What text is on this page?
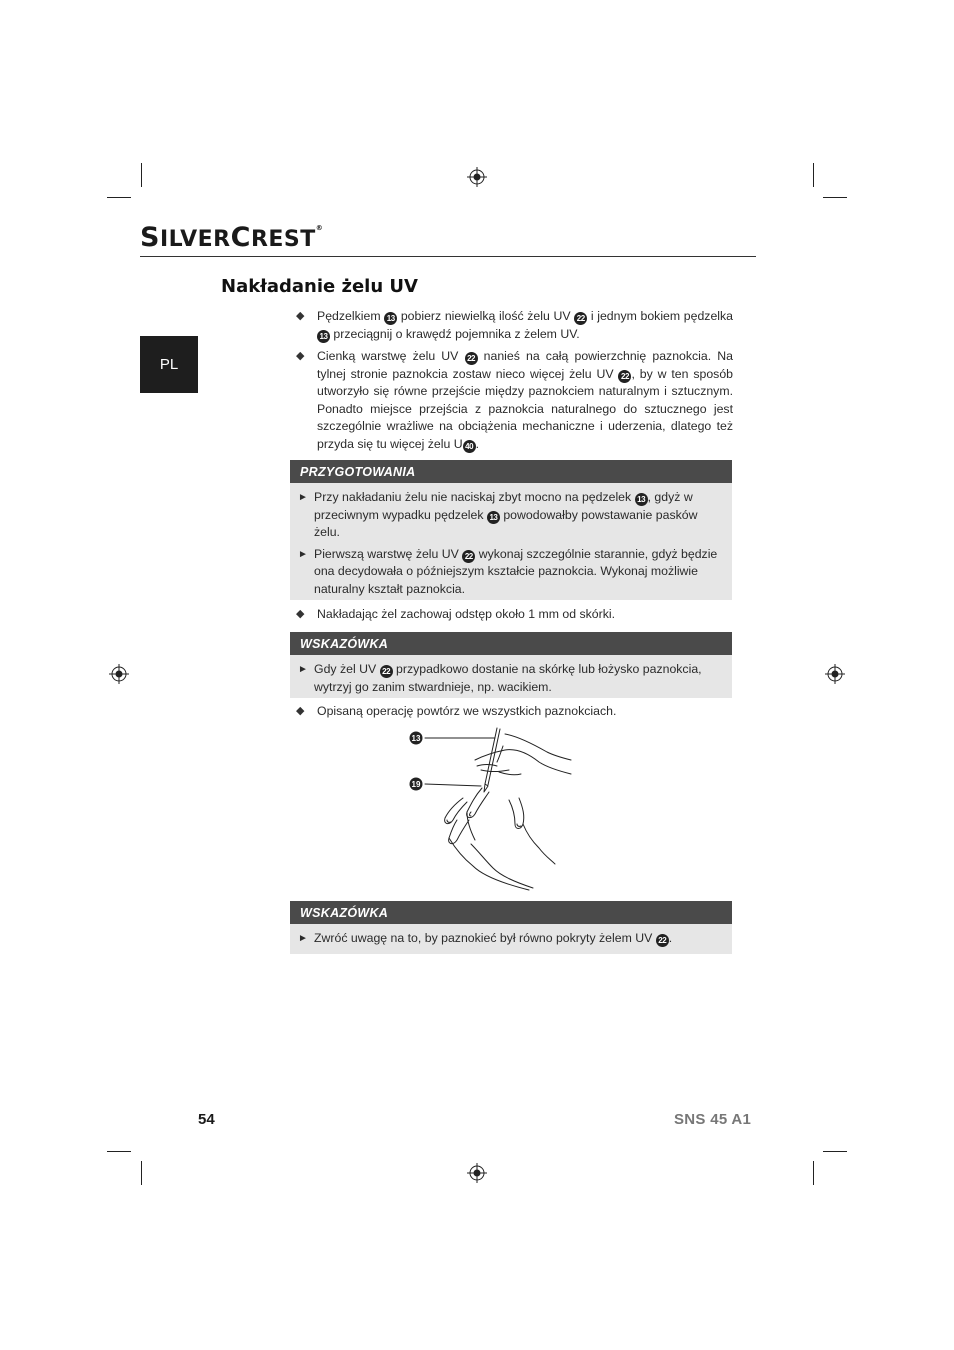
SILVERCREST®
PL
Nakładanie żelu UV
◆ Pędzelkiem 13 pobierz niewielką ilość żelu UV 22 i jednym bokiem pędzelka 13 przeciągnij o krawędź pojemnika z żelem UV.
◆ Cienką warstwę żelu UV 22 nanieś na całą powierzchnię paznokcia. Na tylnej stronie paznokcia zostaw nieco więcej żelu UV 22 , by w ten sposób utworzyło się równe przejście między paznokciem naturalnym i sztucznym. Ponadto miejsce przejścia z paznokcia naturalnego do sztucznego jest szczególnie wrażliwe na obciążenia mechaniczne i uderzenia, dlatego też przyda się tu więcej żelu U 40 .
PRZYGOTOWANIA
► Przy nakładaniu żelu nie naciskaj zbyt mocno na pędzelek 13 , gdyż w przeciwnym wypadku pędzelek 13 powodowałby powstawanie pasków żelu.
► Pierwszą warstwę żelu UV 22 wykonaj szczególnie starannie, gdyż będzie ona decydowała o późniejszym kształcie paznokcia. Wykonaj możliwie naturalny kształt paznokcia.
◆ Nakładając żel zachowaj odstęp około 1 mm od skórki.
WSKAZÓWKA
► Gdy żel UV 22 przypadkowo dostanie na skórkę lub łożysko paznokcia, wytrzyj go zanim stwardnieje, np. wacikiem.
◆ Opisaną operację powtórz we wszystkich paznokciach.
13
19
WSKAZÓWKA
► Zwróć uwagę na to, by paznokieć był równo pokryty żelem UV 22 .
54	SNS 45 A1
